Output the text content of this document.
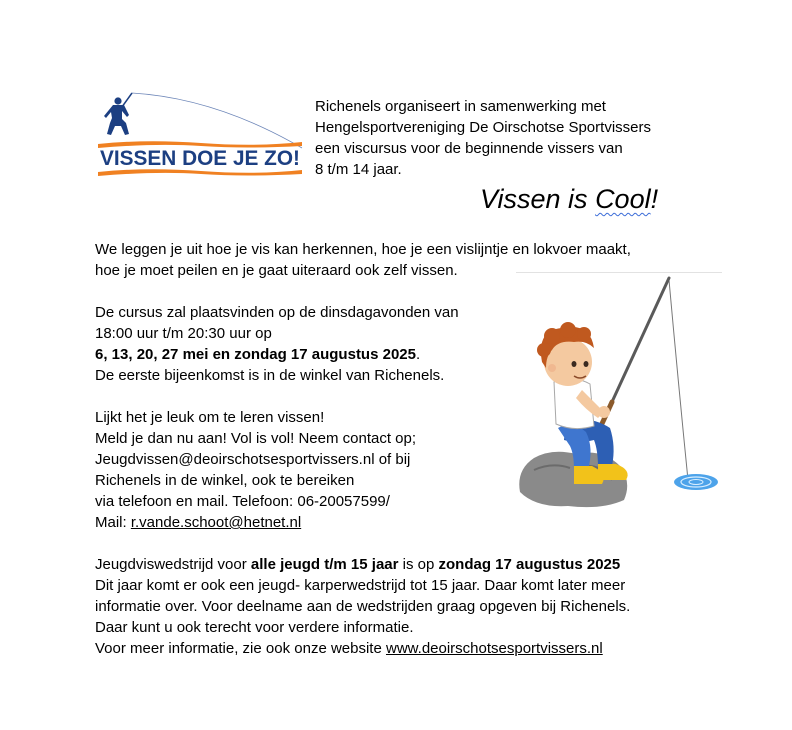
VISSEN DOE JE ZO!

Richenels organiseert in samenwerking met

Hengelsportvereniging De Oirschotse Sportvissers

een viscursus voor de beginnende vissers van

8 t/m 14 jaar.

Vissen is Cool!

We leggen je uit hoe je vis kan herkennen, hoe je een vislijntje en lokvoer maakt,

hoe je moet peilen en je gaat uiteraard ook zelf vissen.

De cursus zal plaatsvinden op de dinsdagavonden van

18:00 uur t/m 20:30 uur op

6, 13, 20, 27 mei en zondag 17 augustus 2025.

De eerste bijeenkomst is in de winkel van Richenels.

Lijkt het je leuk om te leren vissen!

Meld je dan nu aan! Vol is vol! Neem contact op;

Jeugdvissen@deoirschotsesportvissers.nl of bij

Richenels in de winkel, ook te bereiken

via telefoon en mail. Telefoon: 06-20057599/

Mail: r.vande.schoot@hetnet.nl

Jeugdviswedstrijd voor alle jeugd t/m 15 jaar is op zondag 17 augustus 2025

Dit jaar komt er ook een jeugd- karperwedstrijd tot 15 jaar. Daar komt later meer

informatie over. Voor deelname aan de wedstrijden graag opgeven bij Richenels.

Daar kunt u ook terecht voor verdere informatie.

Voor meer informatie, zie ook onze website www.deoirschotsesportvissers.nl
